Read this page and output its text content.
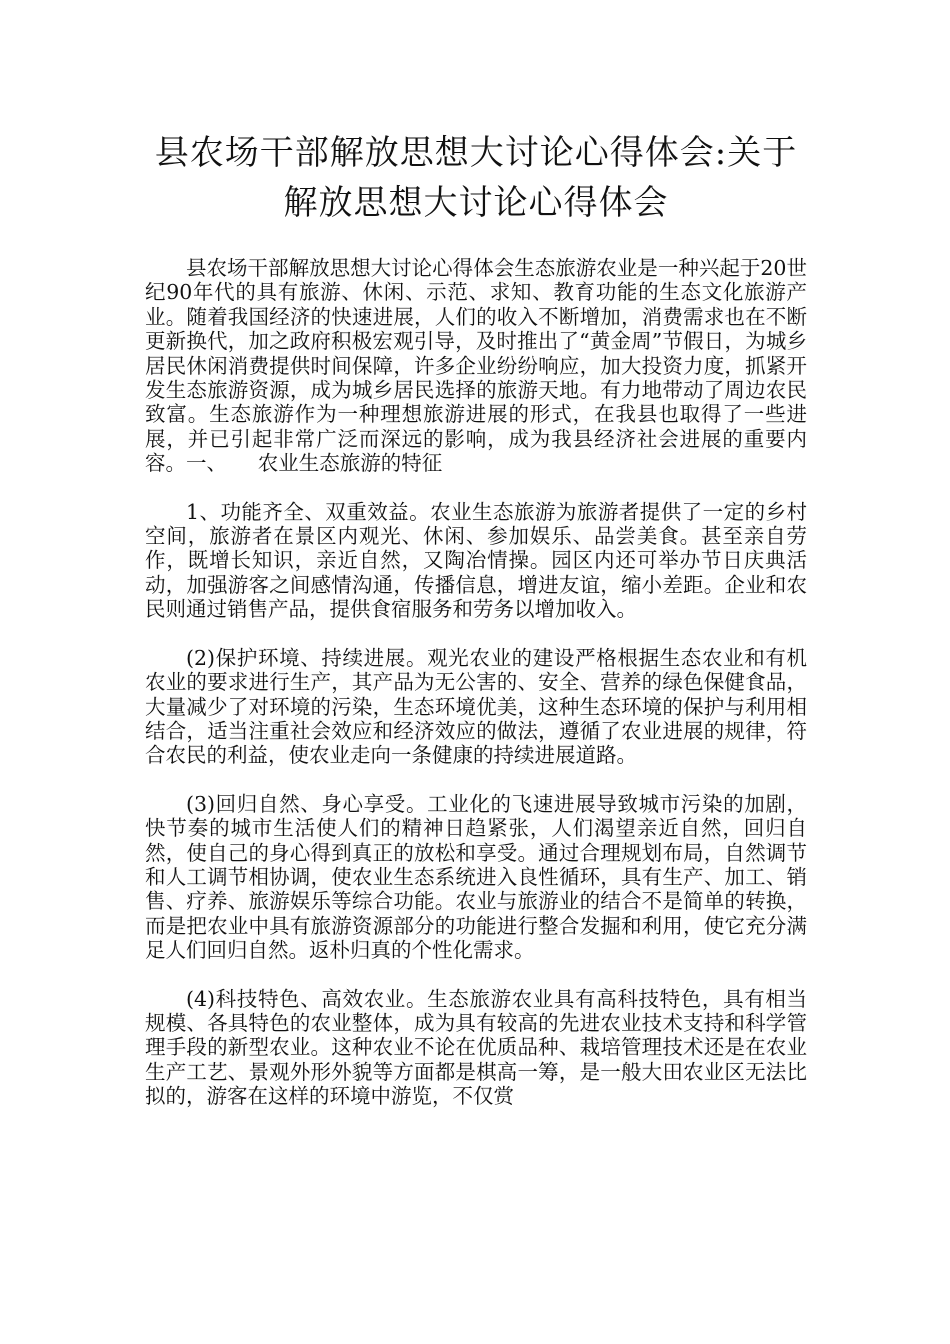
县农场干部解放思想大讨论心得体会:关于
解放思想大讨论心得体会

县农场干部解放思想大讨论心得体会生态旅游农业是一种兴起于20世纪90年代的具有旅游、休闲、示范、求知、教育功能的生态文化旅游产业。随着我国经济的快速进展，人们的收入不断增加，消费需求也在不断更新换代，加之政府积极宏观引导，及时推出了“黄金周”节假日，为城乡居民休闲消费提供时间保障，许多企业纷纷响应，加大投资力度，抓紧开发生态旅游资源，成为城乡居民选择的旅游天地。有力地带动了周边农民致富。生态旅游作为一种理想旅游进展的形式，在我县也取得了一些进展，并已引起非常广泛而深远的影响，成为我县经济社会进展的重要内容。一、　　农业生态旅游的特征

1、功能齐全、双重效益。农业生态旅游为旅游者提供了一定的乡村空间，旅游者在景区内观光、休闲、参加娱乐、品尝美食。甚至亲自劳作，既增长知识，亲近自然，又陶冶情操。园区内还可举办节日庆典活动，加强游客之间感情沟通，传播信息，增进友谊，缩小差距。企业和农民则通过销售产品，提供食宿服务和劳务以增加收入。

(2)保护环境、持续进展。观光农业的建设严格根据生态农业和有机农业的要求进行生产，其产品为无公害的、安全、营养的绿色保健食品，大量减少了对环境的污染，生态环境优美，这种生态环境的保护与利用相结合，适当注重社会效应和经济效应的做法，遵循了农业进展的规律，符合农民的利益，使农业走向一条健康的持续进展道路。

(3)回归自然、身心享受。工业化的飞速进展导致城市污染的加剧，快节奏的城市生活使人们的精神日趋紧张，人们渴望亲近自然，回归自然，使自己的身心得到真正的放松和享受。通过合理规划布局，自然调节和人工调节相协调，使农业生态系统进入良性循环，具有生产、加工、销售、疗养、旅游娱乐等综合功能。农业与旅游业的结合不是简单的转换，而是把农业中具有旅游资源部分的功能进行整合发掘和利用，使它充分满足人们回归自然。返朴归真的个性化需求。

(4)科技特色、高效农业。生态旅游农业具有高科技特色，具有相当规模、各具特色的农业整体，成为具有较高的先进农业技术支持和科学管理手段的新型农业。这种农业不论在优质品种、栽培管理技术还是在农业生产工艺、景观外形外貌等方面都是棋高一筹，是一般大田农业区无法比拟的，游客在这样的环境中游览，不仅赏
